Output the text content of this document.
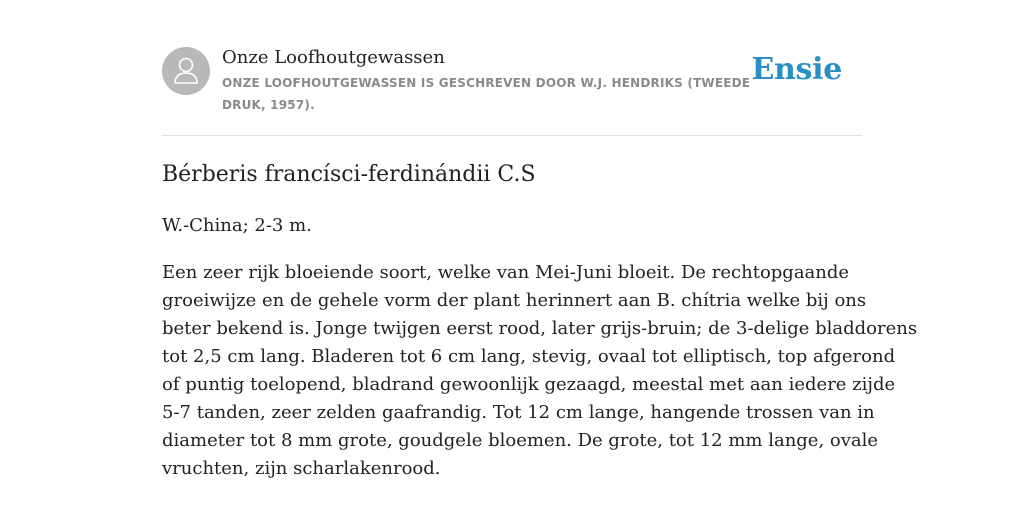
Onze Loofhoutgewassen
ONZE LOOFHOUTGEWASSEN IS GESCHREVEN DOOR W.J. HENDRIKS (TWEEDE DRUK, 1957).
Ensie
Bérberis francísci-ferdinándii C.S
W.-China; 2-3 m.
Een zeer rijk bloeiende soort, welke van Mei-Juni bloeit. De rechtopgaande
groeiwijze en de gehele vorm der plant herinnert aan B. chítria welke bij ons
beter bekend is. Jonge twijgen eerst rood, later grijs-bruin; de 3-delige bladdorens
tot 2,5 cm lang. Bladeren tot 6 cm lang, stevig, ovaal tot elliptisch, top afgerond
of puntig toelopend, bladrand gewoonlijk gezaagd, meestal met aan iedere zijde
5-7 tanden, zeer zelden gaafrandig. Tot 12 cm lange, hangende trossen van in
diameter tot 8 mm grote, goudgele bloemen. De grote, tot 12 mm lange, ovale
vruchten, zijn scharlakenrood.
